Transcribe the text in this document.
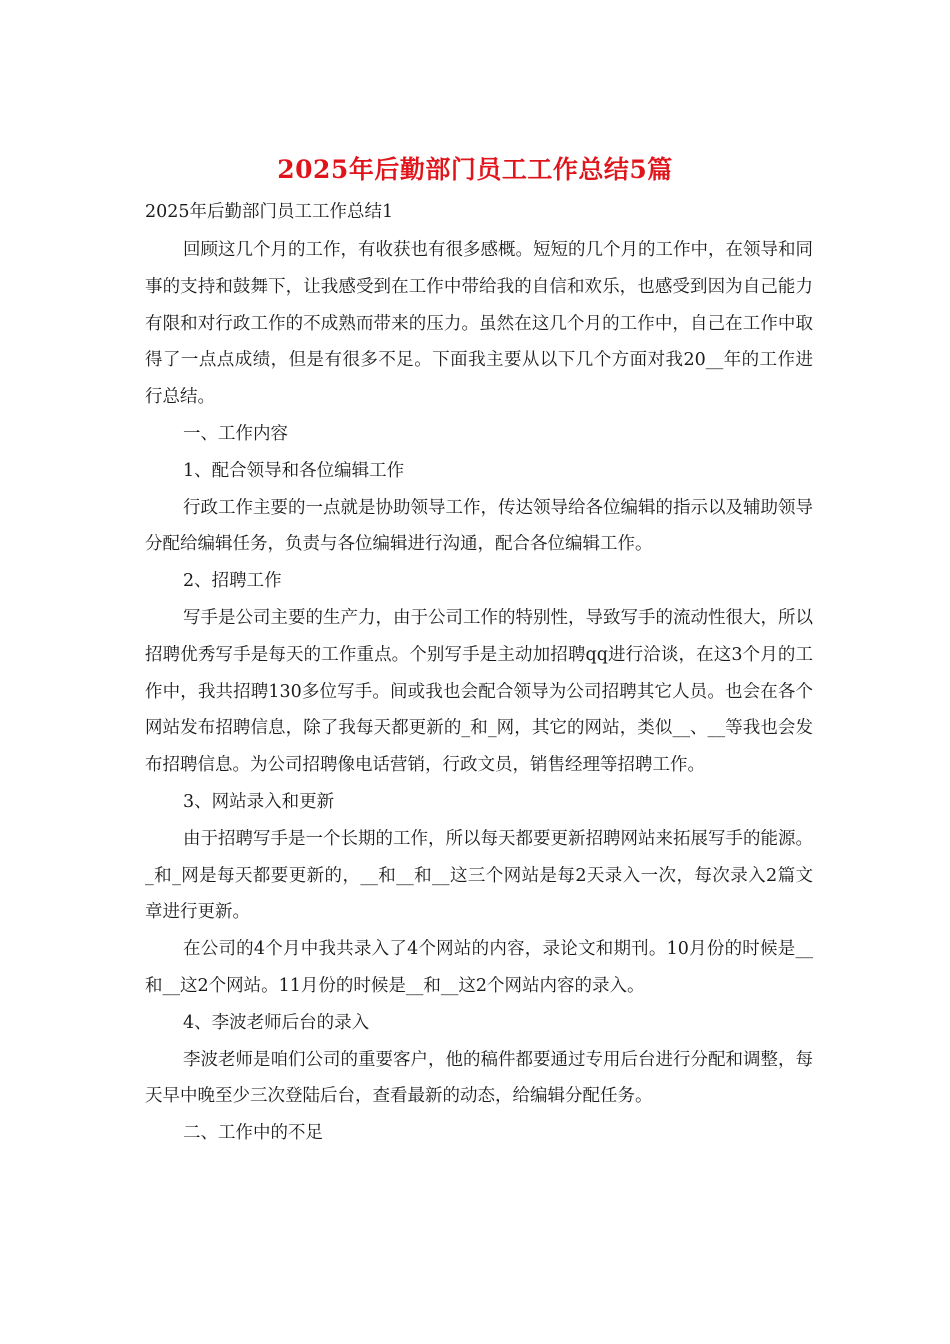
2025年后勤部门员工工作总结5篇
2025年后勤部门员工工作总结1
回顾这几个月的工作，有收获也有很多感概。短短的几个月的工作中，在领导和同事的支持和鼓舞下，让我感受到在工作中带给我的自信和欢乐，也感受到因为自己能力有限和对行政工作的不成熟而带来的压力。虽然在这几个月的工作中，自己在工作中取得了一点点成绩，但是有很多不足。下面我主要从以下几个方面对我20__年的工作进行总结。
一、工作内容
1、配合领导和各位编辑工作
行政工作主要的一点就是协助领导工作，传达领导给各位编辑的指示以及辅助领导分配给编辑任务，负责与各位编辑进行沟通，配合各位编辑工作。
2、招聘工作
写手是公司主要的生产力，由于公司工作的特别性，导致写手的流动性很大，所以招聘优秀写手是每天的工作重点。个别写手是主动加招聘qq进行洽谈，在这3个月的工作中，我共招聘130多位写手。间或我也会配合领导为公司招聘其它人员。也会在各个网站发布招聘信息，除了我每天都更新的_和_网，其它的网站，类似__、__等我也会发布招聘信息。为公司招聘像电话营销，行政文员，销售经理等招聘工作。
3、网站录入和更新
由于招聘写手是一个长期的工作，所以每天都要更新招聘网站来拓展写手的能源。_和_网是每天都要更新的，__和__和__这三个网站是每2天录入一次，每次录入2篇文章进行更新。
在公司的4个月中我共录入了4个网站的内容，录论文和期刊。10月份的时候是__和__这2个网站。11月份的时候是__和__这2个网站内容的录入。
4、李波老师后台的录入
李波老师是咱们公司的重要客户，他的稿件都要通过专用后台进行分配和调整，每天早中晚至少三次登陆后台，查看最新的动态，给编辑分配任务。
二、工作中的不足
